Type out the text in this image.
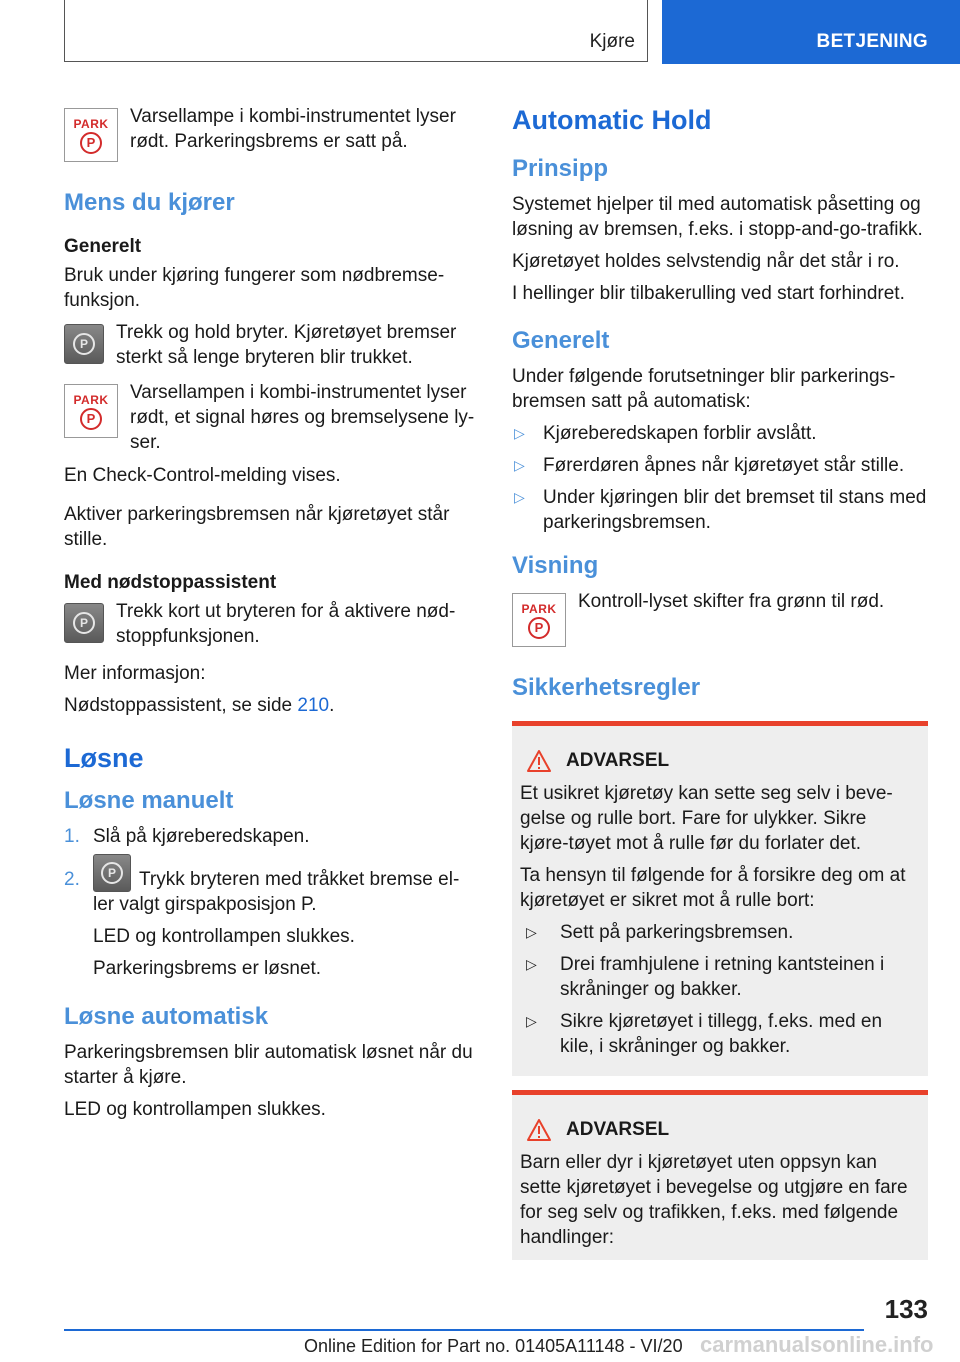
Kjøre	BETJENING
PARK
P
Varsellampe i kombi-instrumentet lyser rødt. Parkeringsbrems er satt på.
Mens du kjører
Generelt

Bruk under kjøring fungerer som nødbremse-funksjon.

P
Trekk og hold bryter. Kjøretøyet bremser sterkt så lenge bryteren blir trukket.
PARK
P
Varsellampen i kombi-instrumentet lyser rødt, et signal høres og bremselysene ly-ser.

En Check-Control-melding vises.

Aktiver parkeringsbremsen når kjøretøyet står stille.

Med nødstoppassistent
P
Trekk kort ut bryteren for å aktivere nød-stoppfunksjonen.

Mer informasjon:

Nødstoppassistent, se side 210.

Løsne
Løsne manuelt
1. Slå på kjøreberedskapen.
2.	P Trykk bryteren med tråkket bremse el-ler valgt girspakposisjon P.

LED og kontrollampen slukkes.

Parkeringsbrems er løsnet.

Løsne automatisk

Parkeringsbremsen blir automatisk løsnet når du starter å kjøre.

LED og kontrollampen slukkes.

Automatic Hold
Prinsipp

Systemet hjelper til med automatisk påsetting og løsning av bremsen, f.eks. i stopp-and-go-trafikk.

Kjøretøyet holdes selvstendig når det står i ro.

I hellinger blir tilbakerulling ved start forhindret.

Generelt

Under følgende forutsetninger blir parkerings-bremsen satt på automatisk:

▷ Kjøreberedskapen forblir avslått.
▷ Førerdøren åpnes når kjøretøyet står stille.
▷ Under kjøringen blir det bremset til stans med parkeringsbremsen.
Visning
PARK
P
Kontroll-lyset skifter fra grønn til rød.
Sikkerhetsregler
ADVARSEL

Et usikret kjøretøy kan sette seg selv i beve-gelse og rulle bort. Fare for ulykker. Sikre kjøre-tøyet mot å rulle før du forlater det.

Ta hensyn til følgende for å forsikre deg om at kjøretøyet er sikret mot å rulle bort:

▷	Sett på parkeringsbremsen.
▷	Drei framhjulene i retning kantsteinen i skråninger og bakker.
▷	Sikre kjøretøyet i tillegg, f.eks. med en kile, i skråninger og bakker.
ADVARSEL

Barn eller dyr i kjøretøyet uten oppsyn kan sette kjøretøyet i bevegelse og utgjøre en fare for seg selv og trafikken, f.eks. med følgende handlinger:

133
Online Edition for Part no. 01405A11148 - VI/20 carmanualsonline.info
